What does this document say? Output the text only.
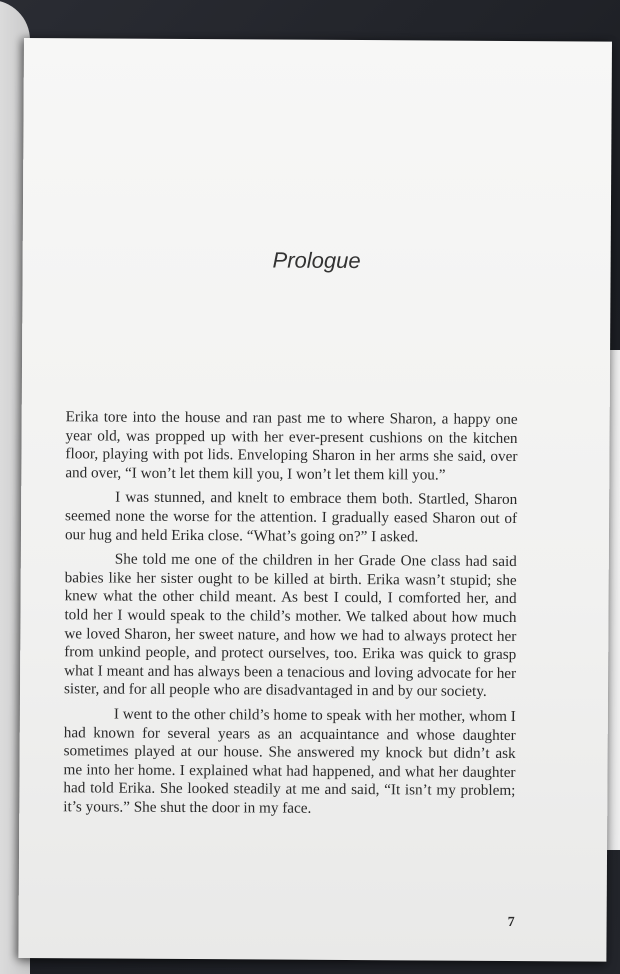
Prologue

Erika tore into the house and ran past me to where Sharon, a happy one year old, was propped up with her ever-present cushions on the kitchen floor, playing with pot lids. Enveloping Sharon in her arms she said, over and over, “I won’t let them kill you, I won’t let them kill you.”

I was stunned, and knelt to embrace them both. Startled, Sharon seemed none the worse for the attention. I gradually eased Sharon out of our hug and held Erika close. “What’s going on?” I asked.

She told me one of the children in her Grade One class had said babies like her sister ought to be killed at birth. Erika wasn’t stupid; she knew what the other child meant. As best I could, I comforted her, and told her I would speak to the child’s mother. We talked about how much we loved Sharon, her sweet nature, and how we had to always protect her from unkind people, and protect ourselves, too. Erika was quick to grasp what I meant and has always been a tenacious and loving advocate for her sister, and for all people who are disadvantaged in and by our society.

I went to the other child’s home to speak with her mother, whom I had known for several years as an acquaintance and whose daughter sometimes played at our house. She answered my knock but didn’t ask me into her home. I explained what had happened, and what her daughter had told Erika. She looked steadily at me and said, “It isn’t my problem; it’s yours.” She shut the door in my face.

7
